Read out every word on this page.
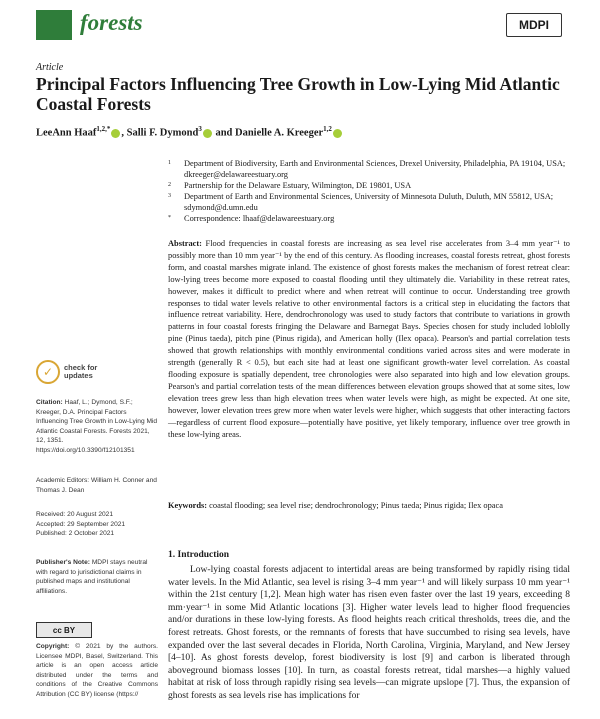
forests	MDPI
Article
Principal Factors Influencing Tree Growth in Low-Lying Mid Atlantic Coastal Forests
LeeAnn Haaf$^{1,2,*}$ , Salli F. Dymond$^3$ and Danielle A. Kreeger$^{1,2}$
1	Department of Biodiversity, Earth and Environmental Sciences, Drexel University, Philadelphia, PA 19104, USA; dkreeger@delawareestuary.org
2	Partnership for the Delaware Estuary, Wilmington, DE 19801, USA
3	Department of Earth and Environmental Sciences, University of Minnesota Duluth, Duluth, MN 55812, USA; sdymond@d.umn.edu
*	Correspondence: lhaaf@delawareestuary.org
Abstract: Flood frequencies in coastal forests are increasing as sea level rise accelerates from 3–4 mm year⁻¹ to possibly more than 10 mm year⁻¹ by the end of this century. As flooding increases, coastal forests retreat, ghost forests form, and coastal marshes migrate inland. The existence of ghost forests makes the mechanism of forest retreat clear: low-lying trees become more exposed to coastal flooding until they ultimately die. Variability in these retreat rates, however, makes it difficult to predict where and when retreat will continue to occur. Understanding tree growth responses to tidal water levels relative to other environmental factors is a critical step in elucidating the factors that influence retreat variability. Here, dendrochronology was used to study factors that contribute to variations in growth patterns in four coastal forests fringing the Delaware and Barnegat Bays. Species chosen for study included loblolly pine (Pinus taeda), pitch pine (Pinus rigida), and American holly (Ilex opaca). Pearson's and partial correlation tests showed that growth relationships with monthly environmental conditions varied across sites and were moderate in strength (generally R < 0.5), but each site had at least one significant growth-water level correlation. As coastal flooding exposure is spatially dependent, tree chronologies were also separated into high and low elevation groups. Pearson's and partial correlation tests of the mean differences between elevation groups showed that at some sites, low elevation trees grew less than high elevation trees when water levels were high, as might be expected. At one site, however, lower elevation trees grew more when water levels were higher, which suggests that other interacting factors—regardless of current flood exposure—potentially have positive, yet likely temporary, influence over tree growth in these low-lying areas.
Keywords: coastal flooding; sea level rise; dendrochronology; Pinus taeda; Pinus rigida; Ilex opaca
1. Introduction
Low-lying coastal forests adjacent to intertidal areas are being transformed by rapidly rising tidal water levels. In the Mid Atlantic, sea level is rising 3–4 mm year⁻¹ and will likely surpass 10 mm year⁻¹ within the 21st century [1,2]. Mean high water has risen even faster over the last 19 years, exceeding 8 mm·year⁻¹ in some Mid Atlantic locations [3]. Higher water levels lead to higher flood frequencies and/or durations in these low-lying forests. As flood heights reach critical thresholds, trees die, and the forest retreats. Ghost forests, or the remnants of forests that have succumbed to rising sea levels, have expanded over the last several decades in Florida, North Carolina, Virginia, Maryland, and New Jersey [4–10]. As ghost forests develop, forest biodiversity is lost [9] and carbon is liberated through aboveground biomass losses [10]. In turn, as coastal forests retreat, tidal marshes—a highly valued habitat at risk of loss through rapidly rising sea levels—can migrate upslope [7]. Thus, the expansion of ghost forests as sea levels rise has implications for
✓	check for
updates
Citation: Haaf, L.; Dymond, S.F.; Kreeger, D.A. Principal Factors Influencing Tree Growth in Low-Lying Mid Atlantic Coastal Forests. Forests 2021, 12, 1351. https://doi.org/10.3390/f12101351
Academic Editors: William H. Conner and Thomas J. Dean
Received: 20 August 2021
Accepted: 29 September 2021
Published: 2 October 2021
Publisher's Note: MDPI stays neutral with regard to jurisdictional claims in published maps and institutional affiliations.
cc BY
Copyright: © 2021 by the authors. Licensee MDPI, Basel, Switzerland. This article is an open access article distributed under the terms and conditions of the Creative Commons Attribution (CC BY) license (https://
